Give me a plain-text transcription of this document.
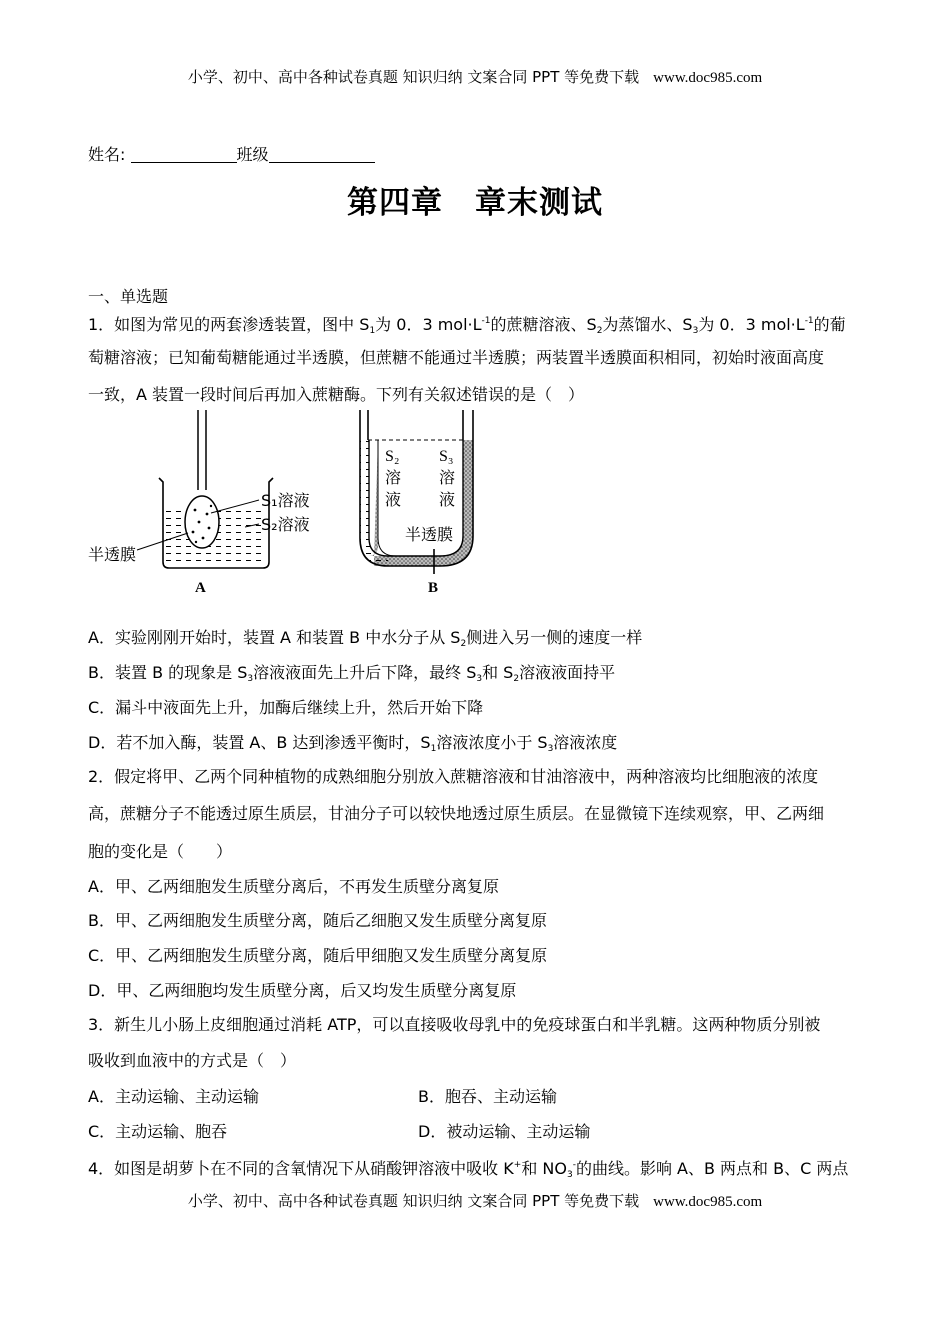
小学、初中、高中各种试卷真题 知识归纳 文案合同 PPT 等免费下载 www.doc985.com
小学、初中、高中各种试卷真题 知识归纳 文案合同 PPT 等免费下载 www.doc985.com
姓名:	班级
第四章　章末测试
一、单选题
1．如图为常见的两套渗透装置，图中 $S_1$为 0．3 $mol\cdot L^{-1}$的蔗糖溶液、$S_2$为蒸馏水、$S_3$为 0．3 $mol\cdot L^{-1}$的葡
萄糖溶液；已知葡萄糖能通过半透膜，但蔗糖不能通过半透膜；两装置半透膜面积相同，初始时液面高度
一致，A 装置一段时间后再加入蔗糖酶。下列有关叙述错误的是（　）
S₁溶液
S₂溶液
半透膜
A
S₂
溶
液
S₃
溶
液
半透膜
B
A．实验刚刚开始时，装置 A 和装置 B 中水分子从 $S_2$侧进入另一侧的速度一样
B．装置 B 的现象是 $S_3$溶液液面先上升后下降，最终 $S_3$和 $S_2$溶液液面持平
C．漏斗中液面先上升，加酶后继续上升，然后开始下降
D．若不加入酶，装置 A、B 达到渗透平衡时，$S_1$溶液浓度小于 $S_3$溶液浓度
2．假定将甲、乙两个同种植物的成熟细胞分别放入蔗糖溶液和甘油溶液中，两种溶液均比细胞液的浓度
高，蔗糖分子不能透过原生质层，甘油分子可以较快地透过原生质层。在显微镜下连续观察，甲、乙两细
胞的变化是（　　）
A．甲、乙两细胞发生质壁分离后，不再发生质壁分离复原
B．甲、乙两细胞发生质壁分离，随后乙细胞又发生质壁分离复原
C．甲、乙两细胞发生质壁分离，随后甲细胞又发生质壁分离复原
D．甲、乙两细胞均发生质壁分离，后又均发生质壁分离复原
3．新生儿小肠上皮细胞通过消耗 ATP，可以直接吸收母乳中的免疫球蛋白和半乳糖。这两种物质分别被
吸收到血液中的方式是（　）
A．主动运输、主动运输	B．胞吞、主动运输
C．主动运输、胞吞	D．被动运输、主动运输
4．如图是胡萝卜在不同的含氧情况下从硝酸钾溶液中吸收 K+和 $NO_3^-$的曲线。影响 A、B 两点和 B、C 两点
